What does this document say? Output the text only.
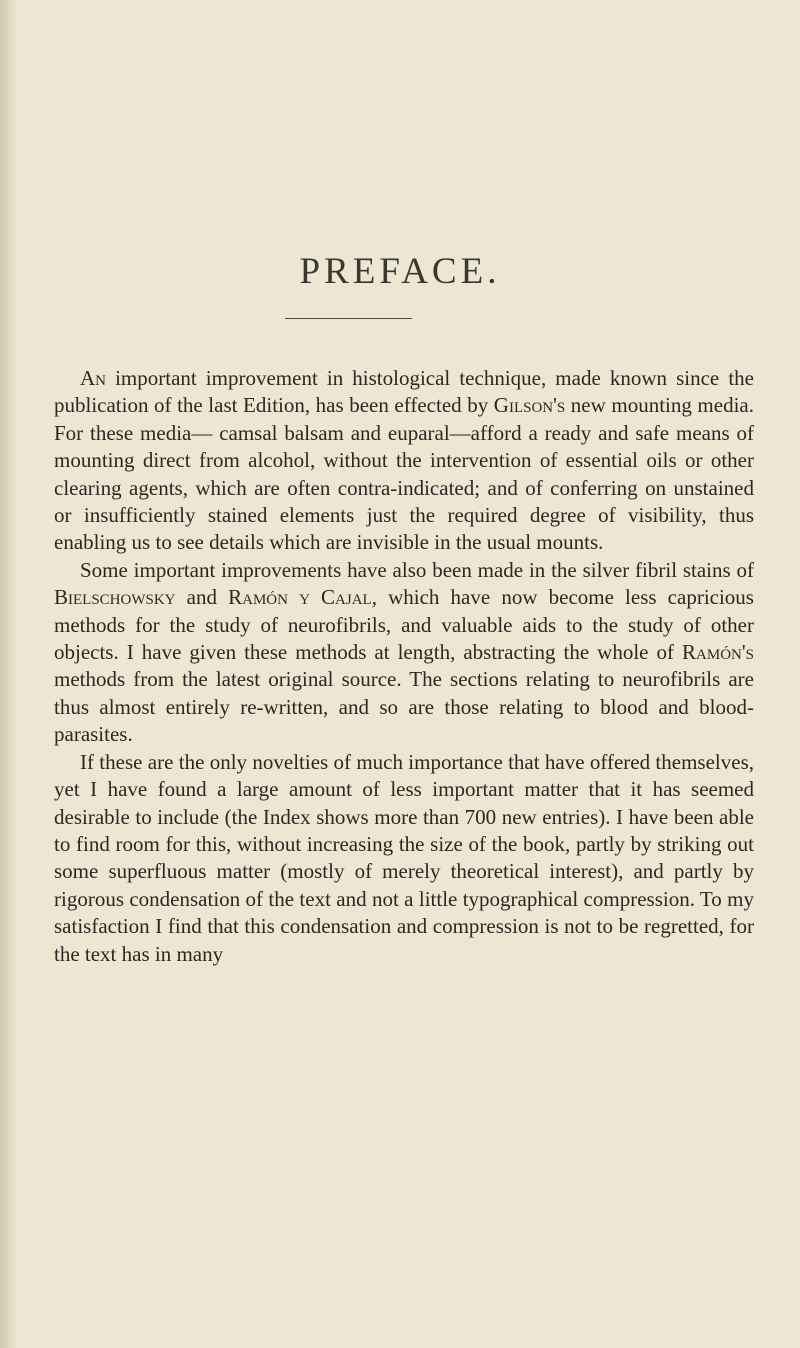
PREFACE.

An important improvement in histological technique, made known since the publication of the last Edition, has been effected by Gilson's new mounting media. For these media— camsal balsam and euparal—afford a ready and safe means of mounting direct from alcohol, without the intervention of essential oils or other clearing agents, which are often contra-indicated; and of conferring on unstained or insufficiently stained elements just the required degree of visibility, thus enabling us to see details which are invisible in the usual mounts.

Some important improvements have also been made in the silver fibril stains of Bielschowsky and Ramón y Cajal, which have now become less capricious methods for the study of neurofibrils, and valuable aids to the study of other objects. I have given these methods at length, abstracting the whole of Ramón's methods from the latest original source. The sections relating to neurofibrils are thus almost entirely re-written, and so are those relating to blood and blood-parasites.

If these are the only novelties of much importance that have offered themselves, yet I have found a large amount of less important matter that it has seemed desirable to include (the Index shows more than 700 new entries). I have been able to find room for this, without increasing the size of the book, partly by striking out some superfluous matter (mostly of merely theoretical interest), and partly by rigorous condensation of the text and not a little typographical compression. To my satisfaction I find that this condensation and compression is not to be regretted, for the text has in many
